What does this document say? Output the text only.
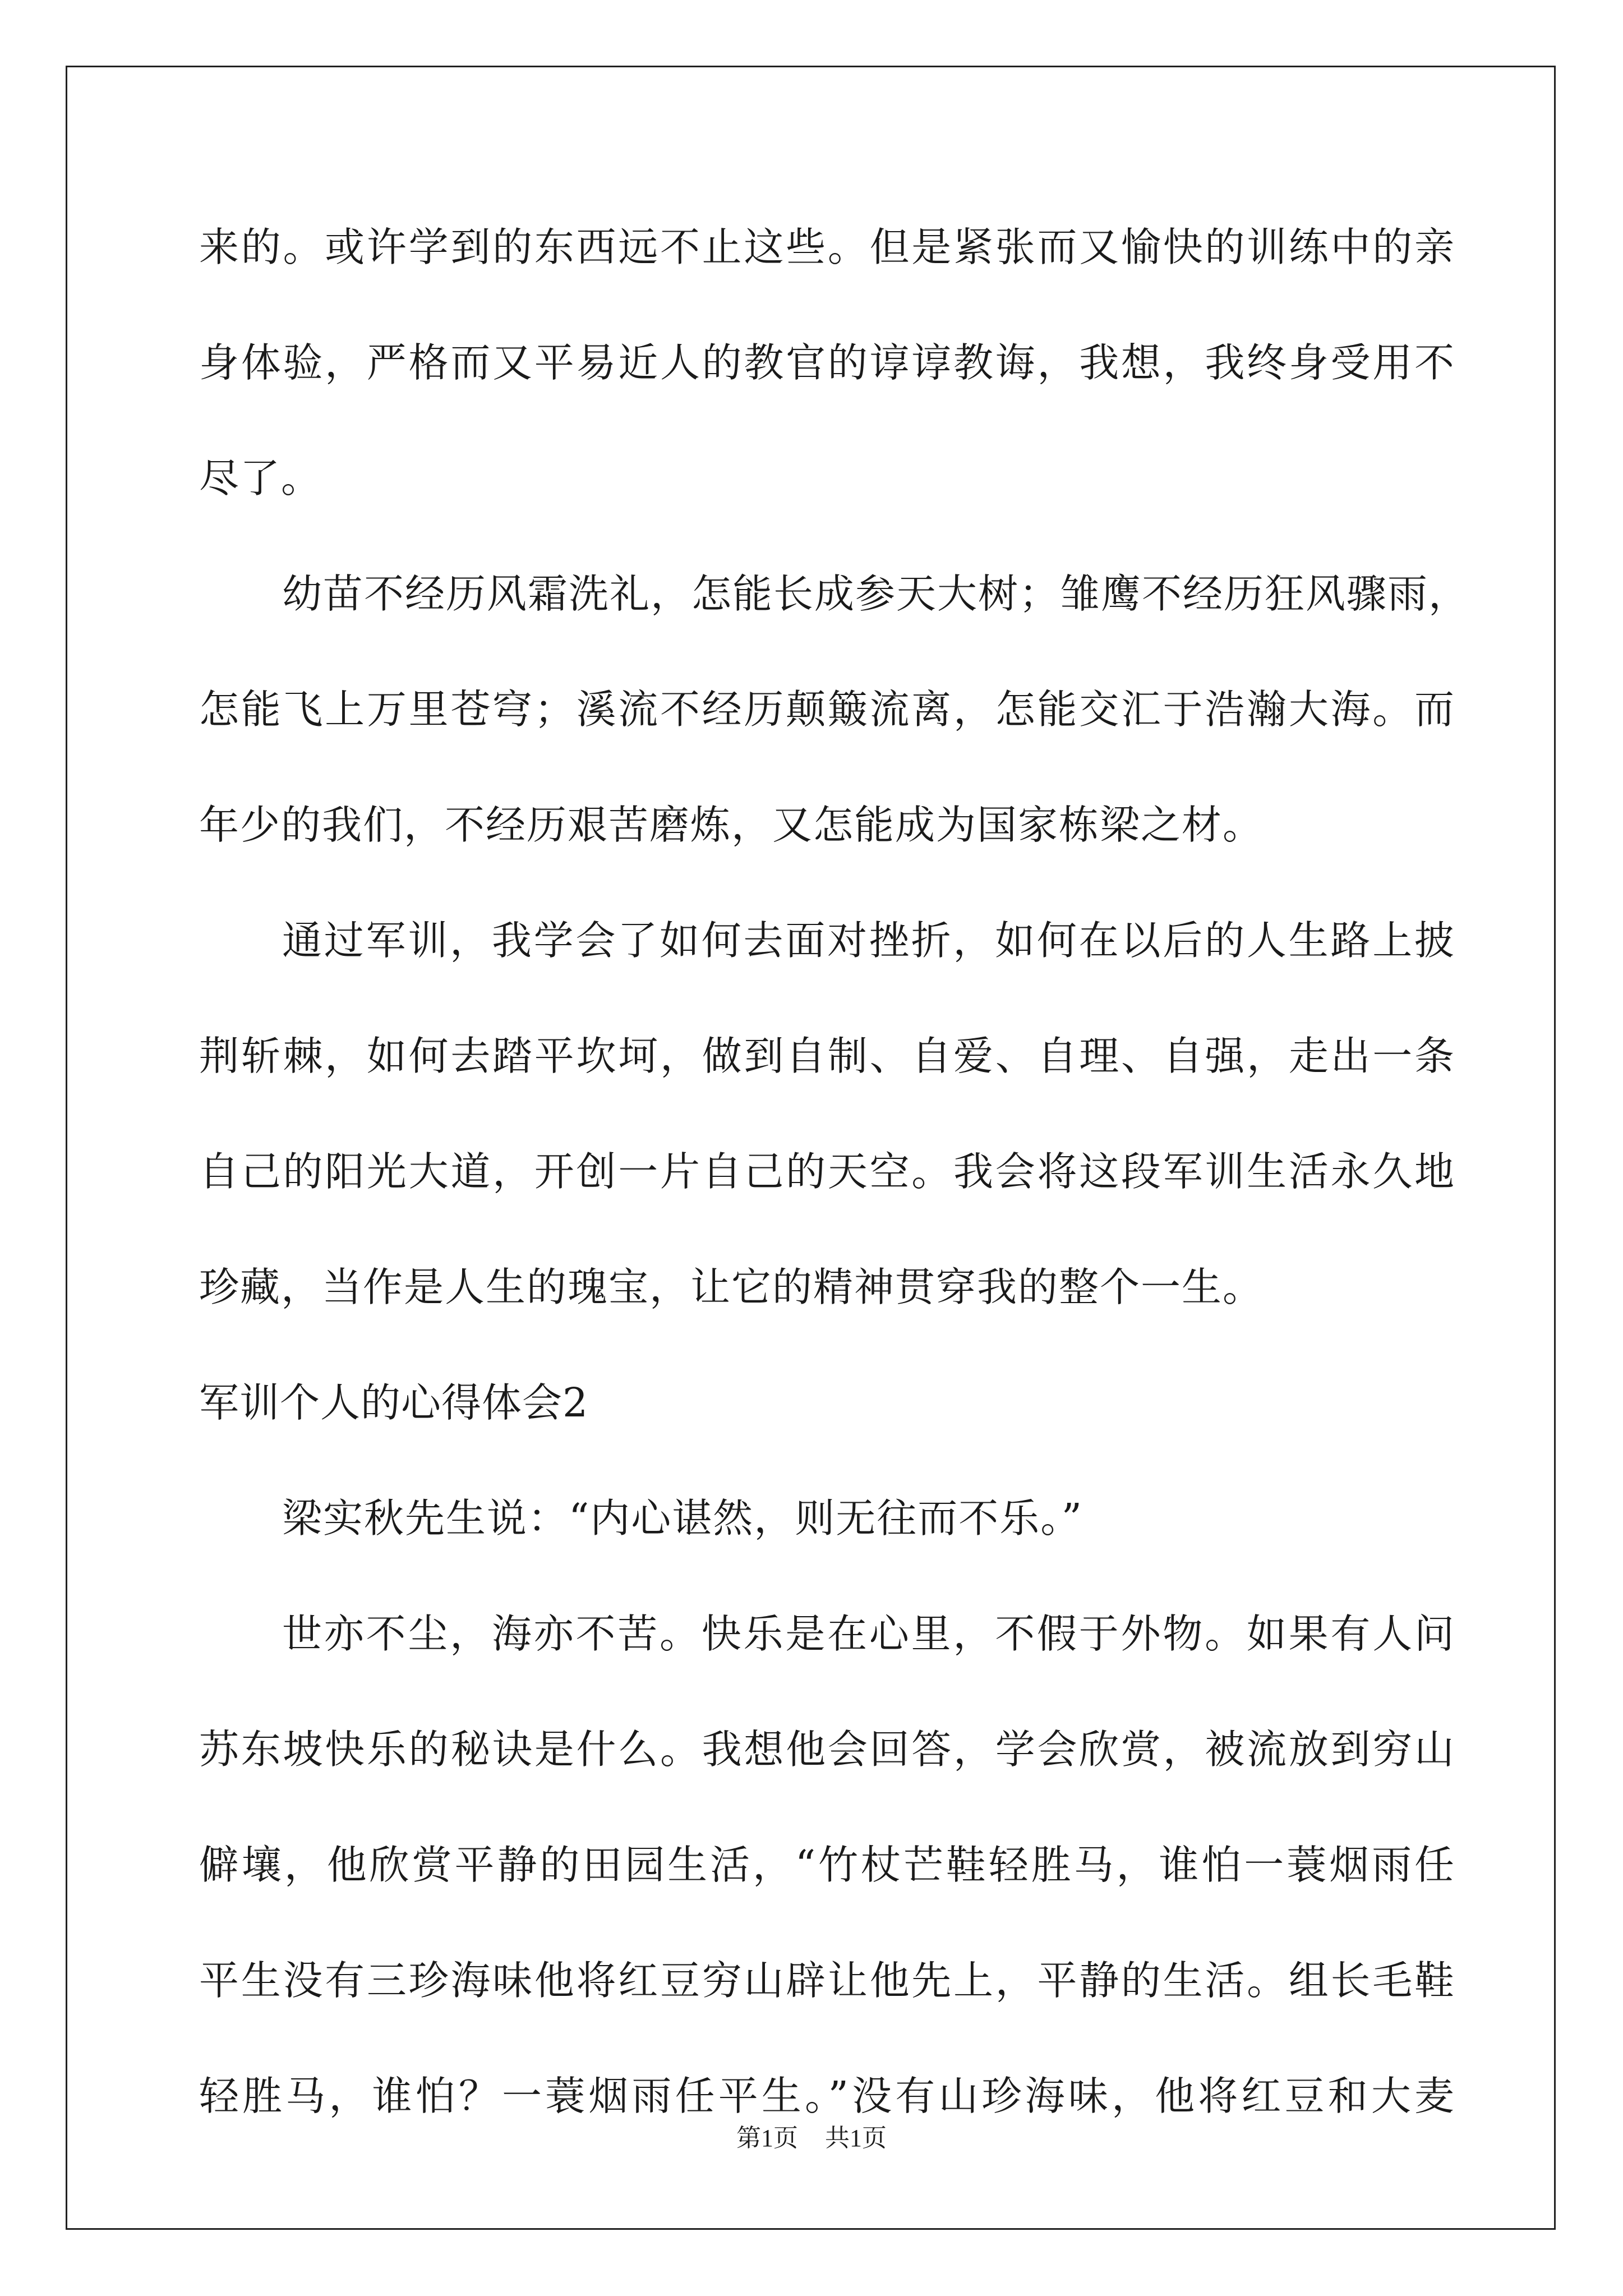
来的。或许学到的东西远不止这些。但是紧张而又愉快的训练中的亲
身体验，严格而又平易近人的教官的谆谆教诲，我想，我终身受用不
尽了。
幼苗不经历风霜洗礼，怎能长成参天大树；雏鹰不经历狂风骤雨，
怎能飞上万里苍穹；溪流不经历颠簸流离，怎能交汇于浩瀚大海。而
年少的我们，不经历艰苦磨炼，又怎能成为国家栋梁之材。
通过军训，我学会了如何去面对挫折，如何在以后的人生路上披
荆斩棘，如何去踏平坎坷，做到自制、自爱、自理、自强，走出一条
自己的阳光大道，开创一片自己的天空。我会将这段军训生活永久地
珍藏，当作是人生的瑰宝，让它的精神贯穿我的整个一生。
军训个人的心得体会2
梁实秋先生说：“内心谌然，则无往而不乐。”
世亦不尘，海亦不苦。快乐是在心里，不假于外物。如果有人问
苏东坡快乐的秘诀是什么。我想他会回答，学会欣赏，被流放到穷山
僻壤，他欣赏平静的田园生活，“竹杖芒鞋轻胜马，谁怕一蓑烟雨任
平生没有三珍海味他将红豆穷山辟让他先上，平静的生活。组长毛鞋
轻胜马，谁怕？一蓑烟雨任平生。”没有山珍海味，他将红豆和大麦
第1页 共1页
